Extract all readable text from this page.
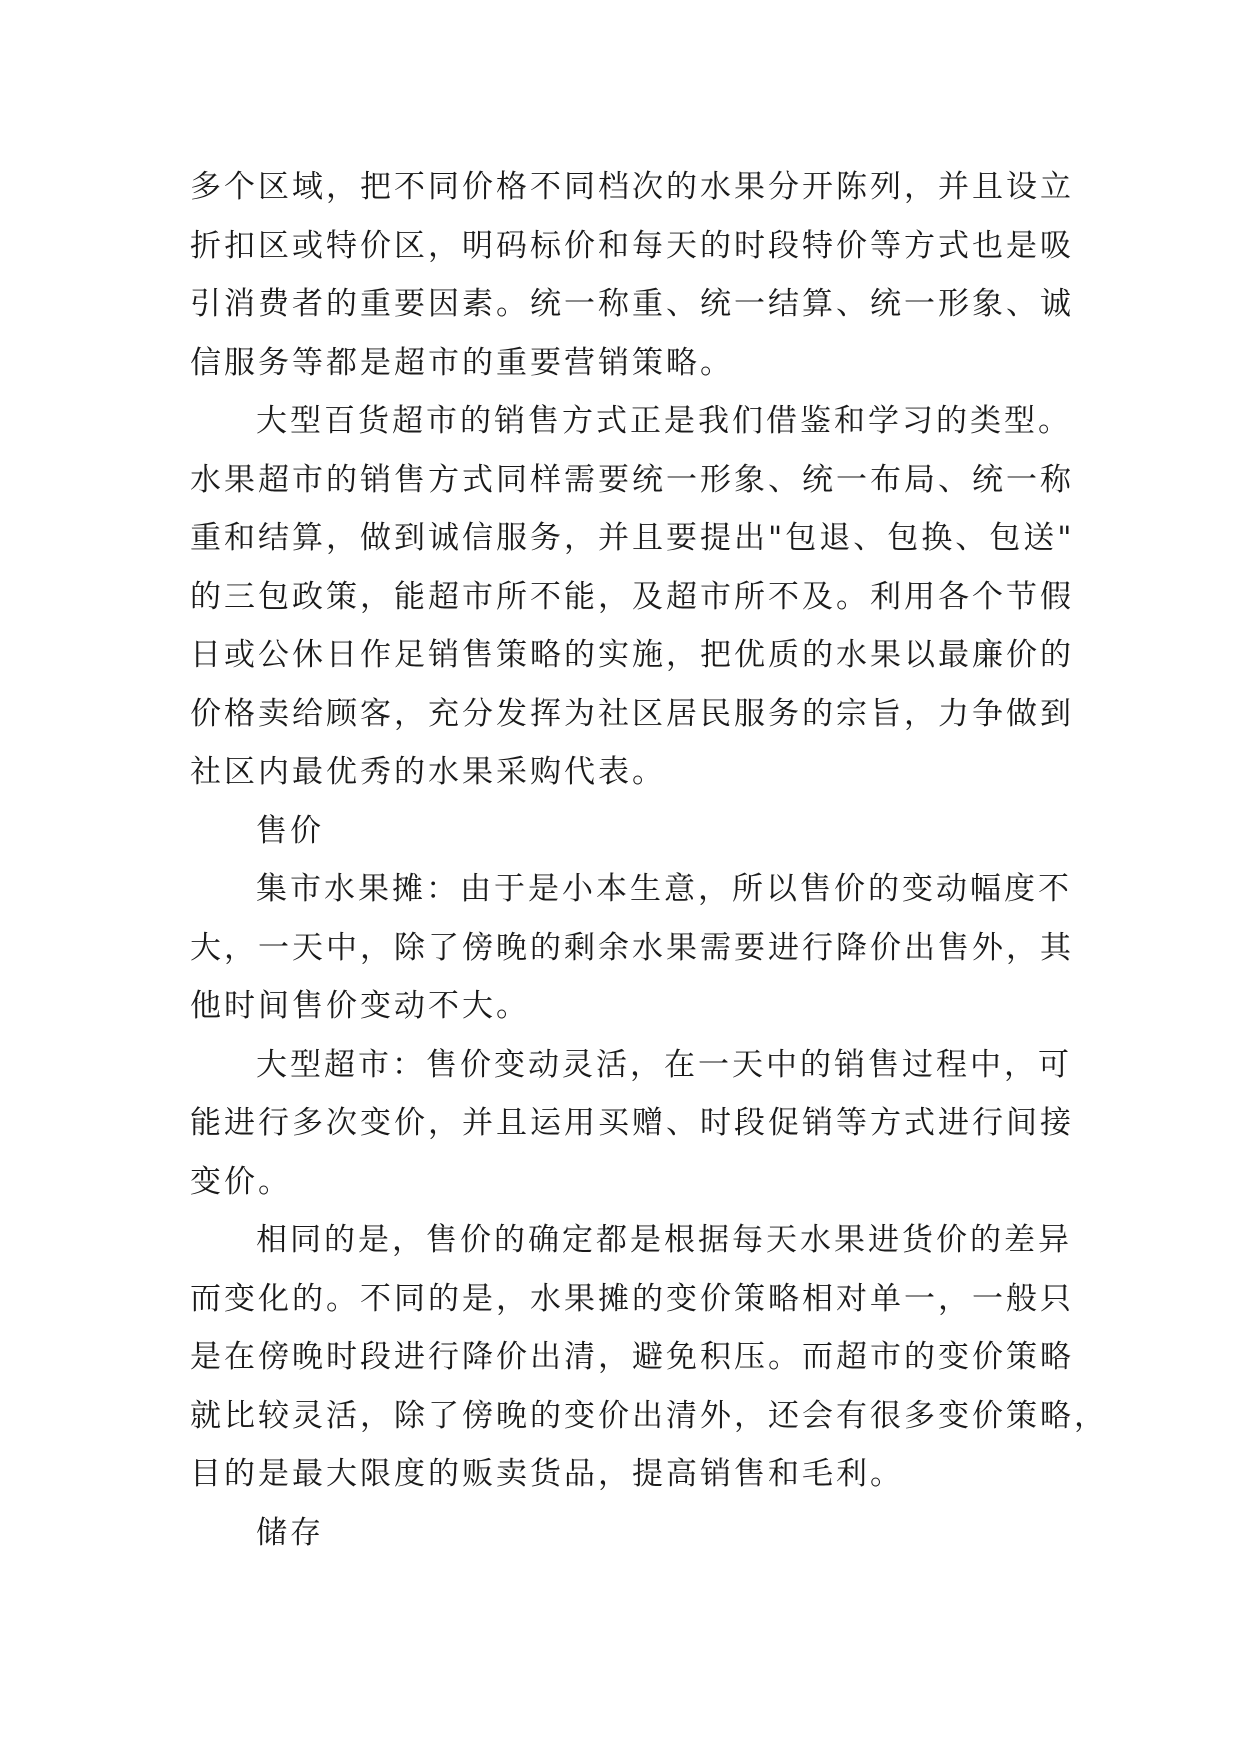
多个区域，把不同价格不同档次的水果分开陈列，并且设立
折扣区或特价区，明码标价和每天的时段特价等方式也是吸
引消费者的重要因素。统一称重、统一结算、统一形象、诚
信服务等都是超市的重要营销策略。
大型百货超市的销售方式正是我们借鉴和学习的类型。
水果超市的销售方式同样需要统一形象、统一布局、统一称
重和结算，做到诚信服务，并且要提出"包退、包换、包送"
的三包政策，能超市所不能，及超市所不及。利用各个节假
日或公休日作足销售策略的实施，把优质的水果以最廉价的
价格卖给顾客，充分发挥为社区居民服务的宗旨，力争做到
社区内最优秀的水果采购代表。
售价
集市水果摊：由于是小本生意，所以售价的变动幅度不
大，一天中，除了傍晚的剩余水果需要进行降价出售外，其
他时间售价变动不大。
大型超市：售价变动灵活，在一天中的销售过程中，可
能进行多次变价，并且运用买赠、时段促销等方式进行间接
变价。
相同的是，售价的确定都是根据每天水果进货价的差异
而变化的。不同的是，水果摊的变价策略相对单一，一般只
是在傍晚时段进行降价出清，避免积压。而超市的变价策略
就比较灵活，除了傍晚的变价出清外，还会有很多变价策略，
目的是最大限度的贩卖货品，提高销售和毛利。
储存
